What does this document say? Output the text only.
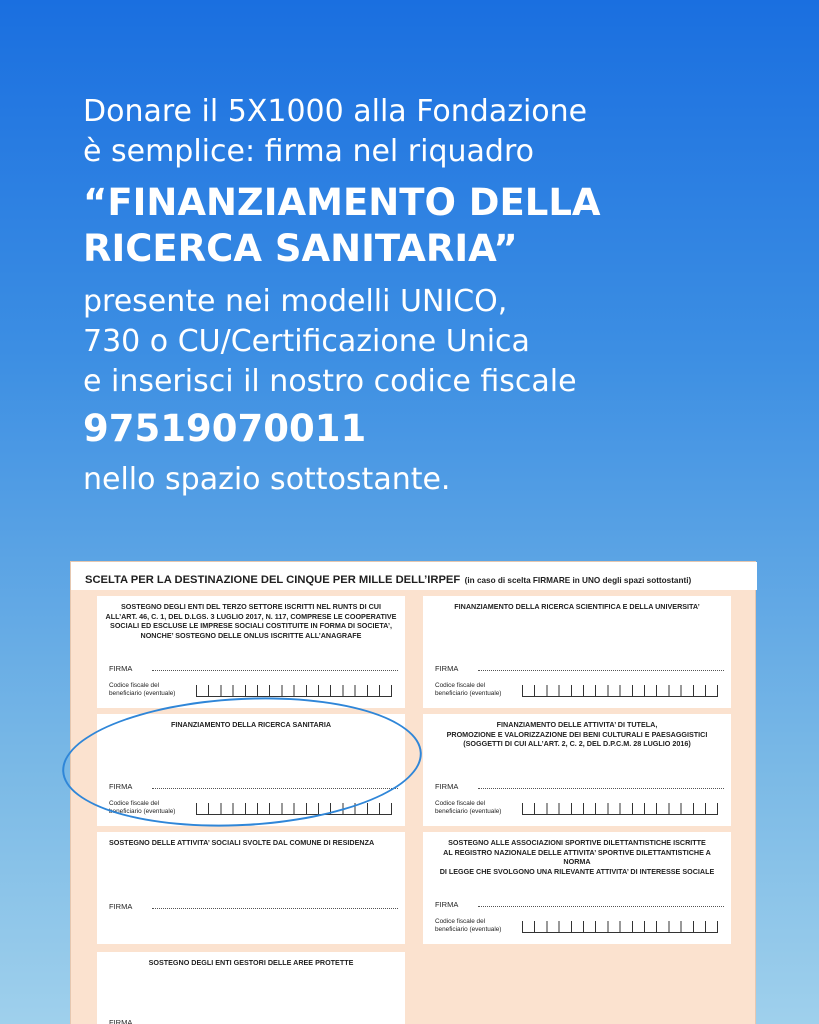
Donare il 5X1000 alla Fondazione
è semplice: firma nel riquadro
“FINANZIAMENTO DELLA
RICERCA SANITARIA”
presente nei modelli UNICO,
730 o CU/Certificazione Unica
e inserisci il nostro codice fiscale
97519070011
nello spazio sottostante.
SCELTA PER LA DESTINAZIONE DEL CINQUE PER MILLE DELL’IRPEF (in caso di scelta FIRMARE in UNO degli spazi sottostanti)
SOSTEGNO DEGLI ENTI DEL TERZO SETTORE ISCRITTI NEL RUNTS DI CUI
ALL’ART. 46, C. 1, DEL D.LGS. 3 LUGLIO 2017, N. 117, COMPRESE LE COOPERATIVE
SOCIALI ED ESCLUSE LE IMPRESE SOCIALI COSTITUITE IN FORMA DI SOCIETA’,
NONCHE’ SOSTEGNO DELLE ONLUS ISCRITTE ALL’ANAGRAFE
FIRMA
Codice fiscale del
beneficiario (eventuale)
FINANZIAMENTO DELLA RICERCA SCIENTIFICA E DELLA UNIVERSITA’
FIRMA
Codice fiscale del
beneficiario (eventuale)
FINANZIAMENTO DELLA RICERCA SANITARIA
FIRMA
Codice fiscale del
beneficiario (eventuale)
FINANZIAMENTO DELLE ATTIVITA’ DI TUTELA,
PROMOZIONE E VALORIZZAZIONE DEI BENI CULTURALI E PAESAGGISTICI
(SOGGETTI DI CUI ALL’ART. 2, C. 2, DEL D.P.C.M. 28 LUGLIO 2016)
FIRMA
Codice fiscale del
beneficiario (eventuale)
SOSTEGNO DELLE ATTIVITA’ SOCIALI SVOLTE DAL COMUNE DI RESIDENZA
FIRMA
SOSTEGNO ALLE ASSOCIAZIONI SPORTIVE DILETTANTISTICHE ISCRITTE
AL REGISTRO NAZIONALE DELLE ATTIVITA’ SPORTIVE DILETTANTISTICHE A NORMA
DI LEGGE CHE SVOLGONO UNA RILEVANTE ATTIVITA’ DI INTERESSE SOCIALE
FIRMA
Codice fiscale del
beneficiario (eventuale)
SOSTEGNO DEGLI ENTI GESTORI DELLE AREE PROTETTE
FIRMA
